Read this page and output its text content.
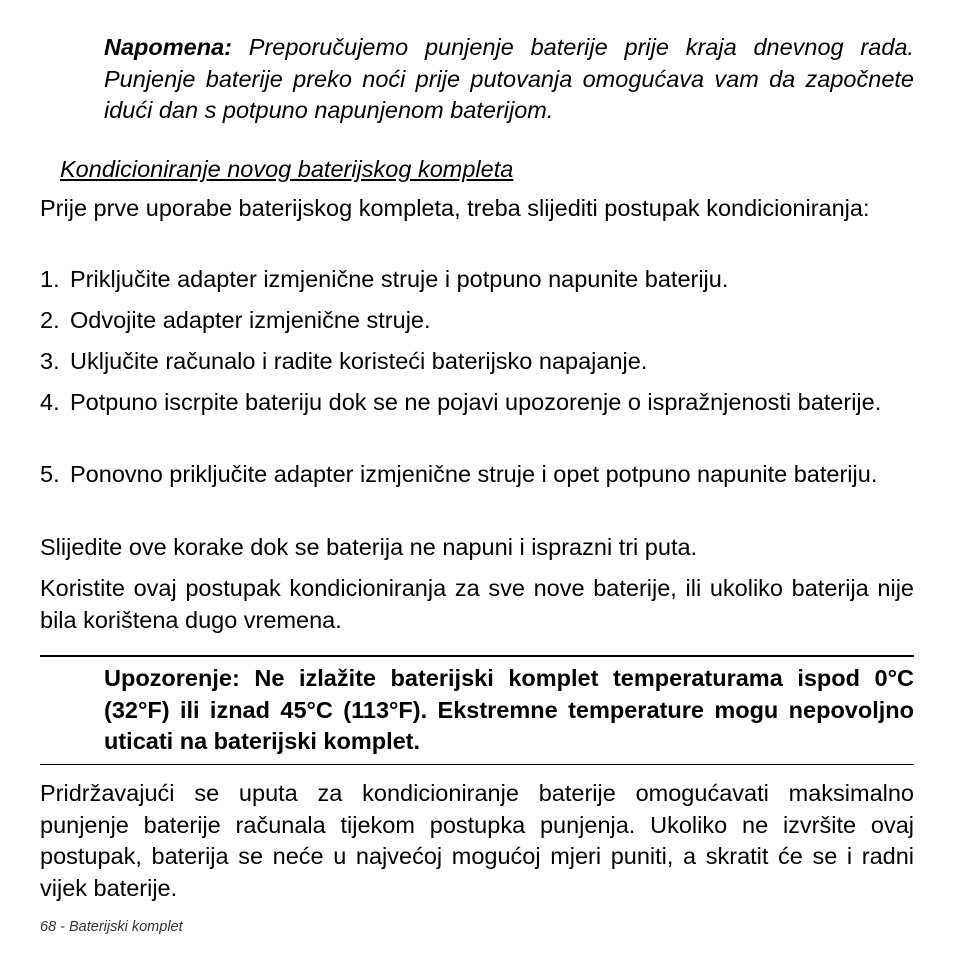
Napomena: Preporučujemo punjenje baterije prije kraja dnevnog rada. Punjenje baterije preko noći prije putovanja omogućava vam da započnete idući dan s potpuno napunjenom baterijom.

Kondicioniranje novog baterijskog kompleta

Prije prve uporabe baterijskog kompleta, treba slijediti postupak kondicioniranja:

1. Priključite adapter izmjenične struje i potpuno napunite bateriju.
2. Odvojite adapter izmjenične struje.
3. Uključite računalo i radite koristeći baterijsko napajanje.
4. Potpuno iscrpite bateriju dok se ne pojavi upozorenje o ispražnjenosti baterije.
5. Ponovno priključite adapter izmjenične struje i opet potpuno napunite bateriju.

Slijedite ove korake dok se baterija ne napuni i isprazni tri puta.

Koristite ovaj postupak kondicioniranja za sve nove baterije, ili ukoliko baterija nije bila korištena dugo vremena.

Upozorenje: Ne izlažite baterijski komplet temperaturama ispod 0°C (32°F) ili iznad 45°C (113°F). Ekstremne temperature mogu nepovoljno uticati na baterijski komplet.

Pridržavajući se uputa za kondicioniranje baterije omogućavati maksimalno punjenje baterije računala tijekom postupka punjenja. Ukoliko ne izvršite ovaj postupak, baterija se neće u najvećoj mogućoj mjeri puniti, a skratit će se i radni vijek baterije.

68 - Baterijski komplet
